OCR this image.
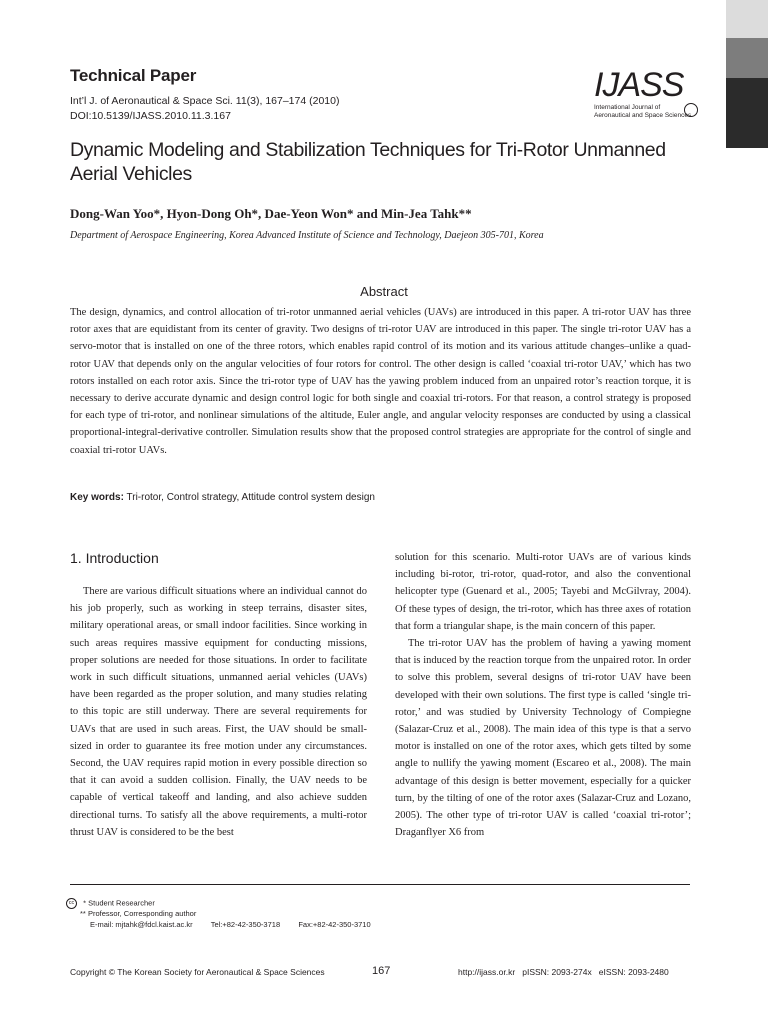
Technical Paper
Int’l J. of Aeronautical & Space Sci. 11(3), 167–174 (2010)
DOI:10.5139/IJASS.2010.11.3.167
IJASS
International Journal of
Aeronautical and Space Sciences
Dynamic Modeling and Stabilization Techniques for Tri-Rotor Unmanned
Aerial Vehicles
Dong-Wan Yoo*, Hyon-Dong Oh*, Dae-Yeon Won* and Min-Jea Tahk**
Department of Aerospace Engineering, Korea Advanced Institute of Science and Technology, Daejeon 305-701, Korea
Abstract
The design, dynamics, and control allocation of tri-rotor unmanned aerial vehicles (UAVs) are introduced in this paper. A tri-rotor UAV has three rotor axes that are equidistant from its center of gravity. Two designs of tri-rotor UAV are introduced in this paper. The single tri-rotor UAV has a servo-motor that is installed on one of the three rotors, which enables rapid control of its motion and its various attitude changes–unlike a quad-rotor UAV that depends only on the angular velocities of four rotors for control. The other design is called ‘coaxial tri-rotor UAV,’ which has two rotors installed on each rotor axis. Since the tri-rotor type of UAV has the yawing problem induced from an unpaired rotor’s reaction torque, it is necessary to derive accurate dynamic and design control logic for both single and coaxial tri-rotors. For that reason, a control strategy is proposed for each type of tri-rotor, and nonlinear simulations of the altitude, Euler angle, and angular velocity responses are conducted by using a classical proportional-integral-derivative controller. Simulation results show that the proposed control strategies are appropriate for the control of single and coaxial tri-rotor UAVs.
Key words: Tri-rotor, Control strategy, Attitude control system design
1. Introduction

There are various difficult situations where an individual cannot do his job properly, such as working in steep terrains, disaster sites, military operational areas, or small indoor facilities. Since working in such areas requires massive equipment for conducting missions, proper solutions are needed for those situations. In order to facilitate work in such difficult situations, unmanned aerial vehicles (UAVs) have been regarded as the proper solution, and many studies relating to this topic are still underway. There are several requirements for UAVs that are used in such areas. First, the UAV should be small-sized in order to guarantee its free motion under any circumstances. Second, the UAV requires rapid motion in every possible direction so that it can avoid a sudden collision. Finally, the UAV needs to be capable of vertical takeoff and landing, and also achieve sudden directional turns. To satisfy all the above requirements, a multi-rotor thrust UAV is considered to be the best

solution for this scenario. Multi-rotor UAVs are of various kinds including bi-rotor, tri-rotor, quad-rotor, and also the conventional helicopter type (Guenard et al., 2005; Tayebi and McGilvray, 2004). Of these types of design, the tri-rotor, which has three axes of rotation that form a triangular shape, is the main concern of this paper.

The tri-rotor UAV has the problem of having a yawing moment that is induced by the reaction torque from the unpaired rotor. In order to solve this problem, several designs of tri-rotor UAV have been developed with their own solutions. The first type is called ‘single tri-rotor,’ and was studied by University Technology of Compiegne (Salazar-Cruz et al., 2008). The main idea of this type is that a servo motor is installed on one of the rotor axes, which gets tilted by some angle to nullify the yawing moment (Escareo et al., 2008). The main advantage of this design is better movement, especially for a quicker turn, by the tilting of one of the rotor axes (Salazar-Cruz and Lozano, 2005). The other type of tri-rotor UAV is called ‘coaxial tri-rotor’; Draganflyer X6 from

cc * Student Researcher
** Professor, Corresponding author
E-mail: mjtahk@fdcl.kaist.ac.kr Tel:+82-42-350-3718 Fax:+82-42-350-3710
Copyright © The Korean Society for Aeronautical & Space Sciences	167	http://ijass.or.kr   pISSN: 2093-274x   eISSN: 2093-2480
